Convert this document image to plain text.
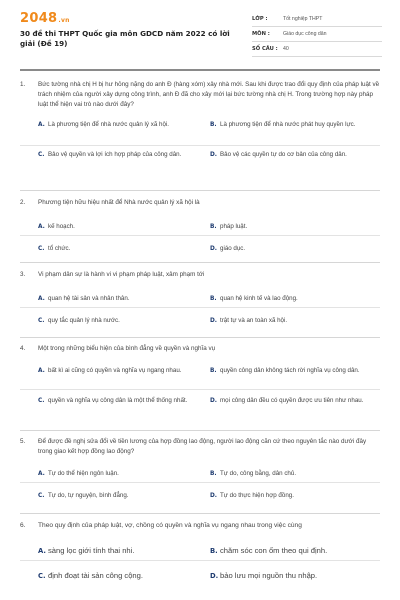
2048.vn
30 đề thi THPT Quốc gia môn GDCD năm 2022 có lời giải (Đề 19)
LỚP :	Tốt nghiệp THPT
MÔN :	Giáo dục công dân
SỐ CÂU :	40
1. Bức tường nhà chị H bị hư hỏng nặng do anh Đ (hàng xóm) xây nhà mới. Sau khi được trao đổi quy định của pháp luật về trách nhiệm của người xây dựng công trình, anh Đ đã cho xây mới lại bức tường nhà chị H. Trong trường hợp này pháp luật thể hiện vai trò nào dưới đây?
A. Là phương tiện để nhà nước quản lý xã hội.	B. Là phương tiện để nhà nước phát huy quyền lực.
C. Bảo vệ quyền và lợi ích hợp pháp của công dân.	D. Bảo vệ các quyền tự do cơ bản của công dân.
2. Phương tiện hữu hiệu nhất để Nhà nước quản lý xã hội là
A. kế hoạch.	B. pháp luật.
C. tổ chức.	D. giáo dục.
3. Vi phạm dân sự là hành vi vi phạm pháp luật, xâm phạm tới
A. quan hệ tài sản và nhân thân.	B. quan hệ kinh tế và lao động.
C. quy tắc quản lý nhà nước.	D. trật tự và an toàn xã hội.
4. Một trong những biểu hiện của bình đẳng về quyền và nghĩa vụ
A. bất kì ai cũng có quyền và nghĩa vụ ngang nhau.	B. quyền công dân không tách rời nghĩa vụ công dân.
C. quyền và nghĩa vụ công dân là một thể thống nhất.	D. mọi công dân đều có quyền được ưu tiên như nhau.
5. Để được đề nghị sửa đổi về tiền lương của hợp đồng lao động, người lao động căn cứ theo nguyên tắc nào dưới đây trong giao kết hợp đồng lao động?
A. Tự do thể hiện ngôn luận.	B. Tự do, công bằng, dân chủ.
C. Tự do, tự nguyện, bình đẳng.	D. Tự do thực hiện hợp đồng.
6. Theo quy định của pháp luật, vợ, chồng có quyền và nghĩa vụ ngang nhau trong việc cùng
A. sàng lọc giới tính thai nhi.	B. chăm sóc con ốm theo qui định.
C. định đoạt tài sản công cộng.	D. bảo lưu mọi nguồn thu nhập.
